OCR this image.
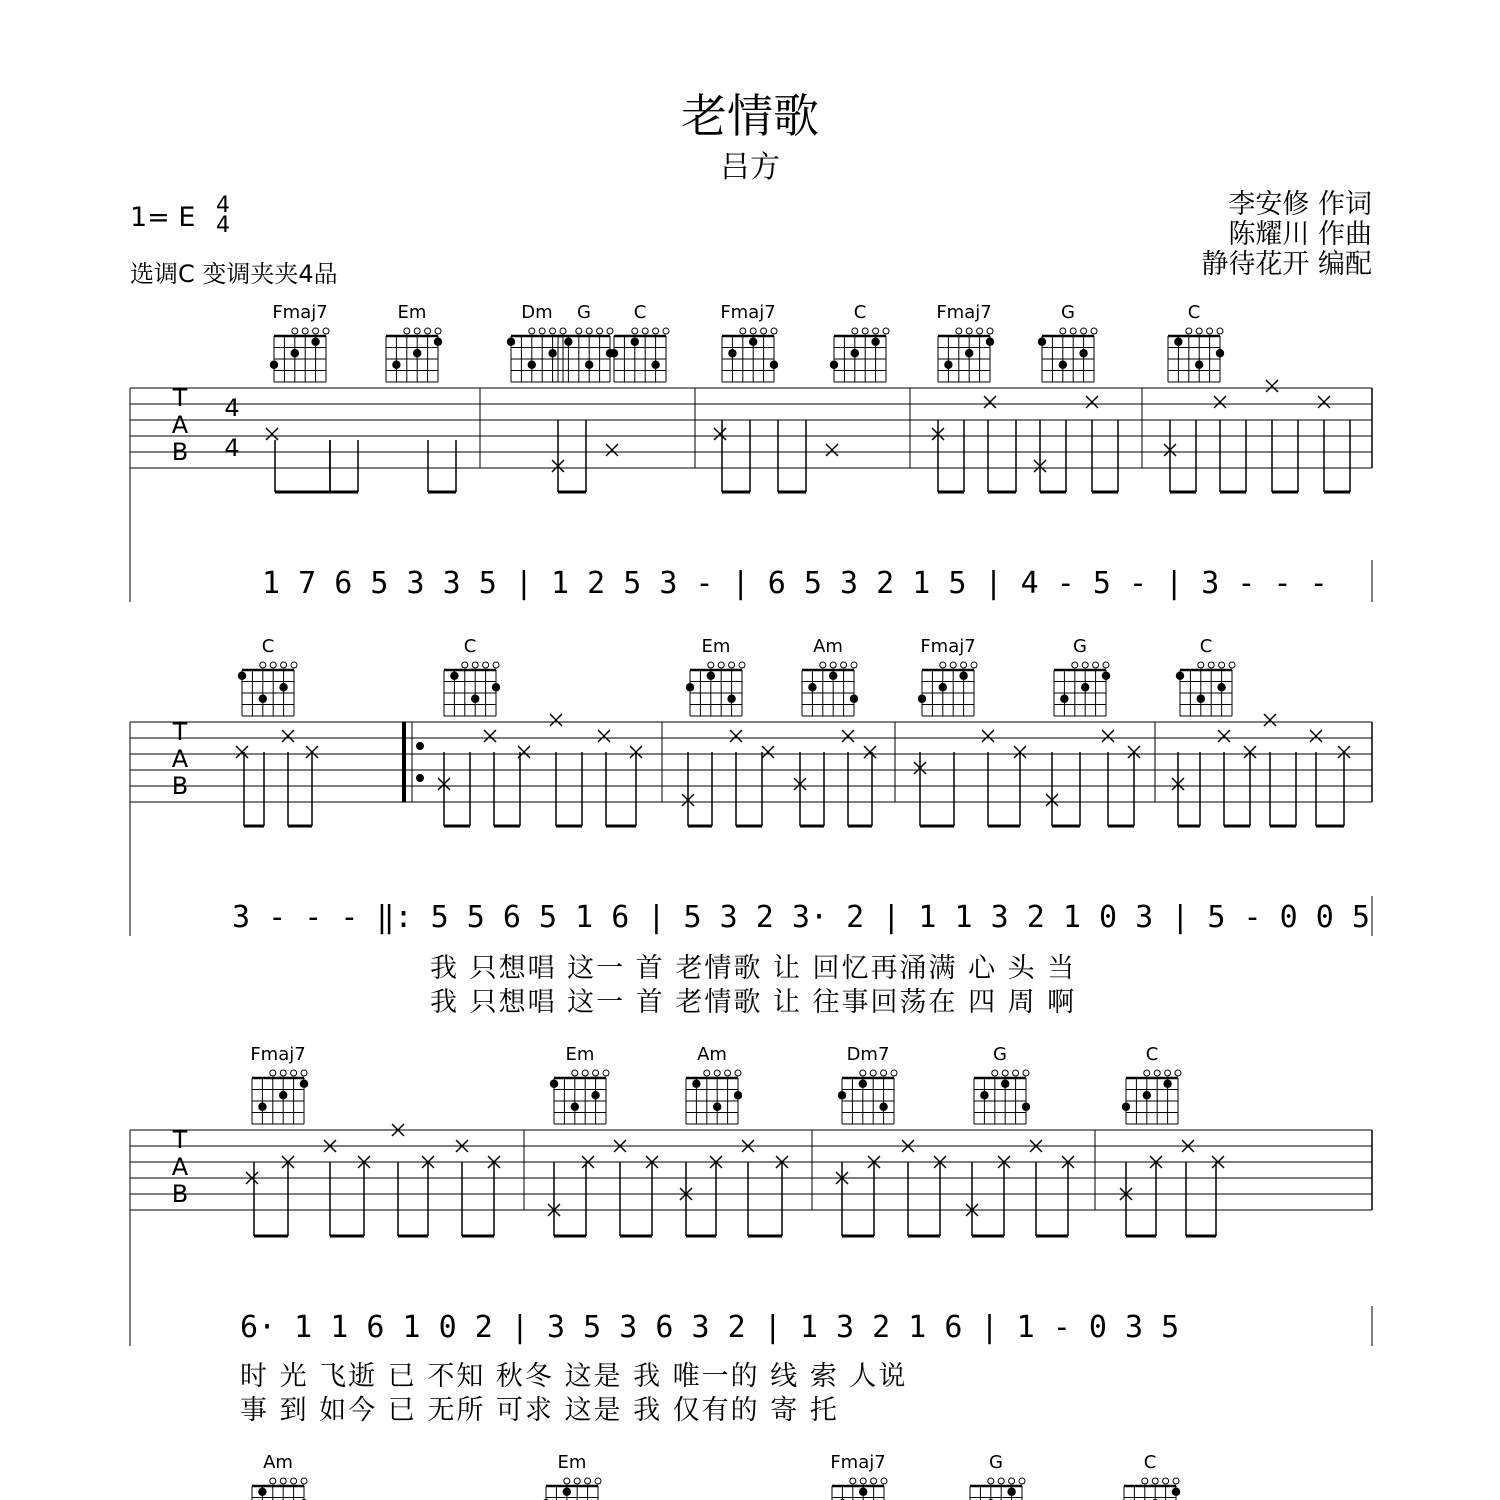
老情歌
吕方
1= E 4
4
选调C 变调夹夹4品
李安修 作词
陈耀川 作曲
静待花开 编配
Fmaj7	Em	Dm G C	Fmaj7	C	Fmaj7	G	C
T
A
B
4
4
C	C	Em	Am	Fmaj7	G	C
T
A
B
Fmaj7	Em	Am	Dm7	G	C
T
A
B
Am	Em	Fmaj7	G	C
1 7 6 5 3 3 5 | 1 2 5 3 - | 6 5 3 2 1 5 | 4 - 5 - | 3 - - -
3 - - - ‖: 5 5 6 5 1 6 | 5 3 2 3· 2 | 1 1 3 2 1 0 3 | 5 - 0 0 5
6· 1 1 6 1 0 2 | 3 5 3 6 3 2 | 1 3 2 1 6 | 1 - 0 3 5
我 只想唱 这一 首 老情歌 让 回忆再涌满 心 头 当
我 只想唱 这一 首 老情歌 让 往事回荡在 四 周 啊
时 光 飞逝 已 不知 秋冬 这是 我 唯一的 线 索 人说
事 到 如今 已 无所 可求 这是 我 仅有的 寄 托
